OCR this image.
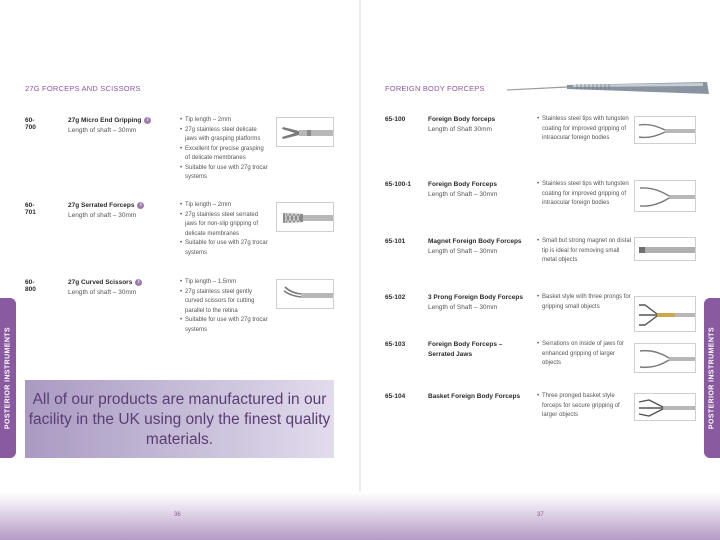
27G FORCEPS AND SCISSORS
60-700
27g Micro End Gripping i
Length of shaft – 30mm
• Tip length – 2mm
• 27g stainless steel delicate jaws with grasping platforms
• Excellent for precise grasping of delicate membranes
• Suitable for use with 27g trocar systems
60-701
27g Serrated Forceps i
Length of shaft – 30mm
• Tip length – 2mm
• 27g stainless steel serrated jaws for non-slip gripping of delicate membranes
• Suitable for use with 27g trocar systems
60-800
27g Curved Scissors i
Length of shaft – 30mm
• Tip length – 1.5mm
• 27g stainless steel gently curved scissors for cutting parallel to the retina
• Suitable for use with 27g trocar systems
All of our products are manufactured in our facility in the UK using only the finest quality materials.
POSTERIOR INSTRUMENTS
FOREIGN BODY FORCEPS
65-100	Foreign Body forceps
Length of Shaft 30mm
• Stainless steel tips with tungsten coating for improved gripping of intraocular foreign bodies
65-100-1	Foreign Body Forceps
Length of Shaft – 30mm
• Stainless steel tips with tungsten coating for improved gripping of intraocular foreign bodies
65-101	Magnet Foreign Body Forceps
Length of Shaft – 30mm
• Small but strong magnet on distal tip is ideal for removing small metal objects
65-102	3 Prong Foreign Body Forceps
Length of Shaft – 30mm
• Basket style with three prongs for gripping small objects
65-103	Foreign Body Forceps –
Serrated Jaws
• Serrations on inside of jaws for enhanced gripping of larger objects
65-104	Basket Foreign Body Forceps
•	Three pronged basket style forceps for secure gripping of larger objects	POSTERIOR INSTRUMENTS
36	37
